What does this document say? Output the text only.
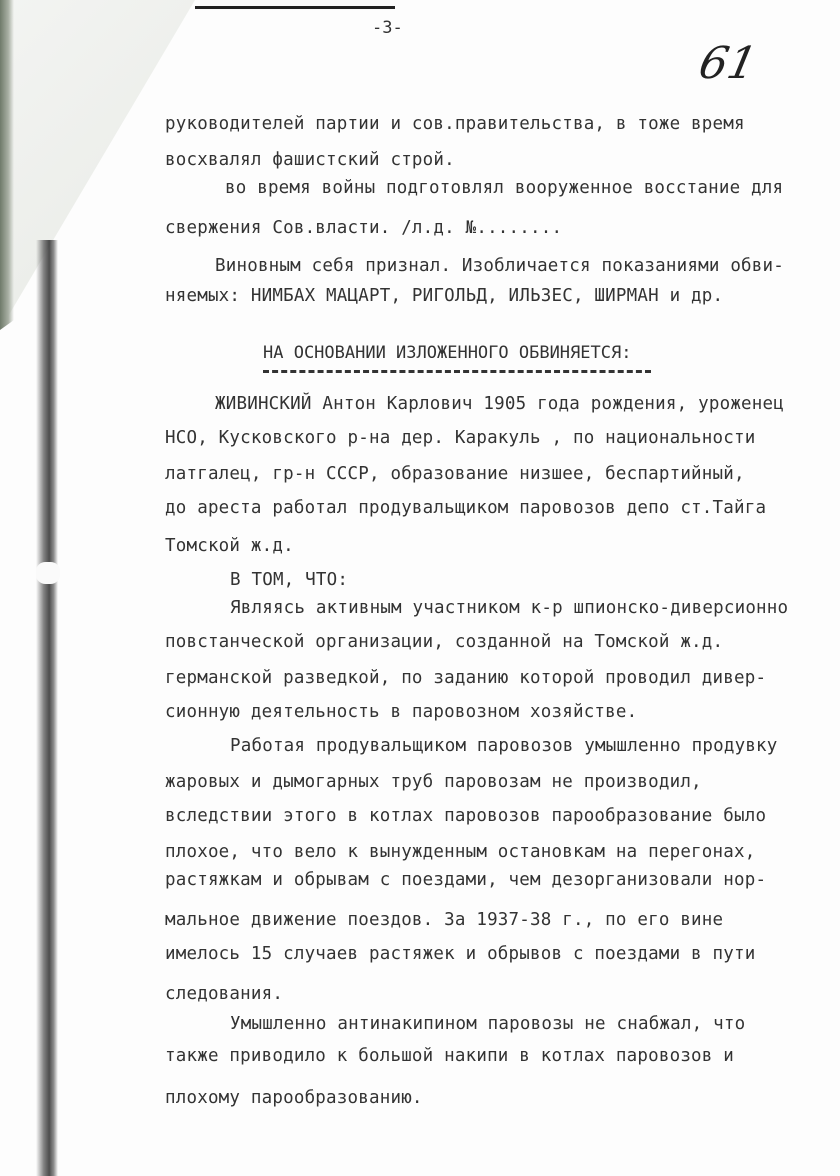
-3-
61
руководителей партии и сов.правительства, в тоже время
восхвалял фашистский строй.
во время войны подготовлял вооруженное восстание для
свержения Сов.власти. /л.д. №........
Виновным себя признал. Изобличается показаниями обви-
няемых: НИМБАХ МАЦАРТ, РИГОЛЬД, ИЛЬЗЕС, ШИРМАН и др.
НА ОСНОВАНИИ ИЗЛОЖЕННОГО ОБВИНЯЕТСЯ:
ЖИВИНСКИЙ Антон Карлович 1905 года рождения, уроженец
НСО, Кусковского р-на дер. Каракуль , по национальности
латгалец, гр-н СССР, образование низшее, беспартийный,
до ареста работал продувальщиком паровозов депо ст.Тайга
Томской ж.д.
В ТОМ, ЧТО:
Являясь активным участником к-р шпионско-диверсионно
повстанческой организации, созданной на Томской ж.д.
германской разведкой, по заданию которой проводил дивер-
сионную деятельность в паровозном хозяйстве.
Работая продувальщиком паровозов умышленно продувку
жаровых и дымогарных труб паровозам не производил,
вследствии этого в котлах паровозов парообразование было
плохое, что вело к вынужденным остановкам на перегонах,
растяжкам и обрывам с поездами, чем дезорганизовали нор-
мальное движение поездов. За 1937-38 г., по его вине
имелось 15 случаев растяжек и обрывов с поездами в пути
следования.
Умышленно антинакипином паровозы не снабжал, что
также приводило к большой накипи в котлах паровозов и
плохому парообразованию.
